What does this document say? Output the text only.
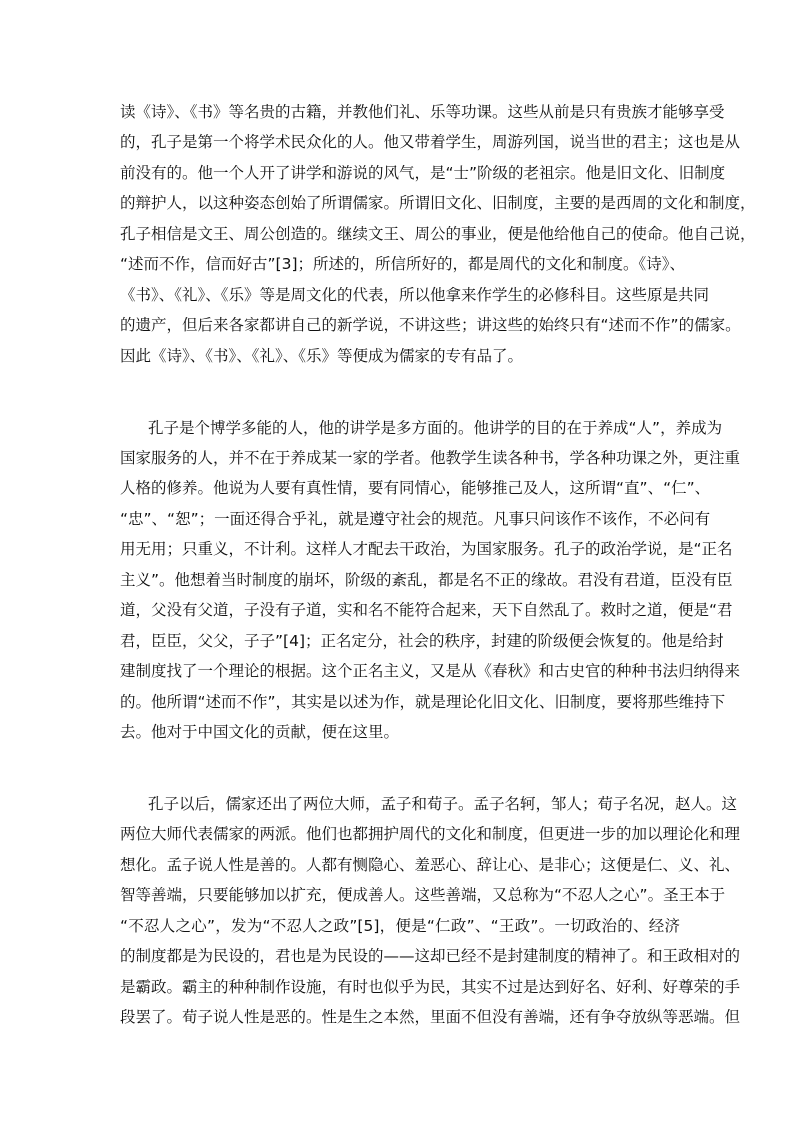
读《诗》、《书》等名贵的古籍，并教他们礼、乐等功课。这些从前是只有贵族才能够享受
的，孔子是第一个将学术民众化的人。他又带着学生，周游列国，说当世的君主；这也是从
前没有的。他一个人开了讲学和游说的风气，是“士”阶级的老祖宗。他是旧文化、旧制度
的辩护人，以这种姿态创始了所谓儒家。所谓旧文化、旧制度，主要的是西周的文化和制度，
孔子相信是文王、周公创造的。继续文王、周公的事业，便是他给他自己的使命。他自己说，
“述而不作，信而好古”[3]；所述的，所信所好的，都是周代的文化和制度。《诗》、
《书》、《礼》、《乐》等是周文化的代表，所以他拿来作学生的必修科目。这些原是共同
的遗产，但后来各家都讲自己的新学说，不讲这些；讲这些的始终只有“述而不作”的儒家。
因此《诗》、《书》、《礼》、《乐》等便成为儒家的专有品了。
孔子是个博学多能的人，他的讲学是多方面的。他讲学的目的在于养成“人”，养成为
国家服务的人，并不在于养成某一家的学者。他教学生读各种书，学各种功课之外，更注重
人格的修养。他说为人要有真性情，要有同情心，能够推己及人，这所谓“直”、“仁”、
“忠”、“恕”；一面还得合乎礼，就是遵守社会的规范。凡事只问该作不该作，不必问有
用无用；只重义，不计利。这样人才配去干政治，为国家服务。孔子的政治学说，是“正名
主义”。他想着当时制度的崩坏，阶级的紊乱，都是名不正的缘故。君没有君道，臣没有臣
道，父没有父道，子没有子道，实和名不能符合起来，天下自然乱了。救时之道，便是“君
君，臣臣，父父，子子”[4]；正名定分，社会的秩序，封建的阶级便会恢复的。他是给封
建制度找了一个理论的根据。这个正名主义，又是从《春秋》和古史官的种种书法归纳得来
的。他所谓“述而不作”，其实是以述为作，就是理论化旧文化、旧制度，要将那些维持下
去。他对于中国文化的贡献，便在这里。
孔子以后，儒家还出了两位大师，孟子和荀子。孟子名轲，邹人；荀子名况，赵人。这
两位大师代表儒家的两派。他们也都拥护周代的文化和制度，但更进一步的加以理论化和理
想化。孟子说人性是善的。人都有恻隐心、羞恶心、辞让心、是非心；这便是仁、义、礼、
智等善端，只要能够加以扩充，便成善人。这些善端，又总称为“不忍人之心”。圣王本于
“不忍人之心”，发为“不忍人之政”[5]，便是“仁政”、“王政”。一切政治的、经济
的制度都是为民设的，君也是为民设的——这却已经不是封建制度的精神了。和王政相对的
是霸政。霸主的种种制作设施，有时也似乎为民，其实不过是达到好名、好利、好尊荣的手
段罢了。荀子说人性是恶的。性是生之本然，里面不但没有善端，还有争夺放纵等恶端。但
